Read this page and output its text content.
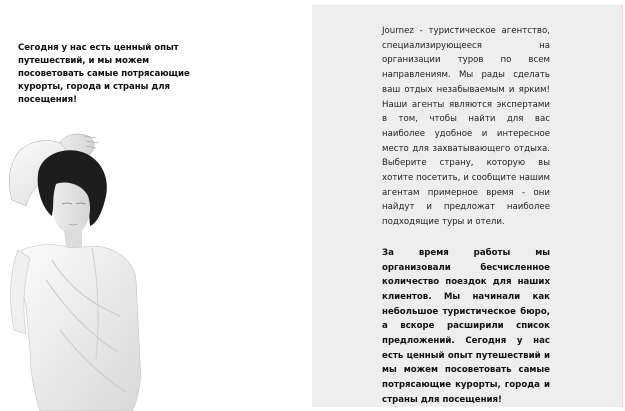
Сегодня у нас есть ценный опыт путешествий, и мы можем посоветовать самые потрясающие курорты, города и страны для посещения!

Journez - туристическое агентство, специализирующееся на организации туров по всем направлениям. Мы рады сделать ваш отдых незабываемым и ярким! Наши агенты являются экспертами в том, чтобы найти для вас наиболее удобное и интересное место для захватывающего отдыха. Выберите страну, которую вы хотите посетить, и сообщите нашим агентам примерное время - они найдут и предложат наиболее подходящие туры и отели.

За время работы мы организовали бесчисленное количество поездок для наших клиентов. Мы начинали как небольшое туристическое бюро, а вскоре расширили список предложений. Сегодня у нас есть ценный опыт путешествий и мы можем посоветовать самые потрясающие курорты, города и страны для посещения!
